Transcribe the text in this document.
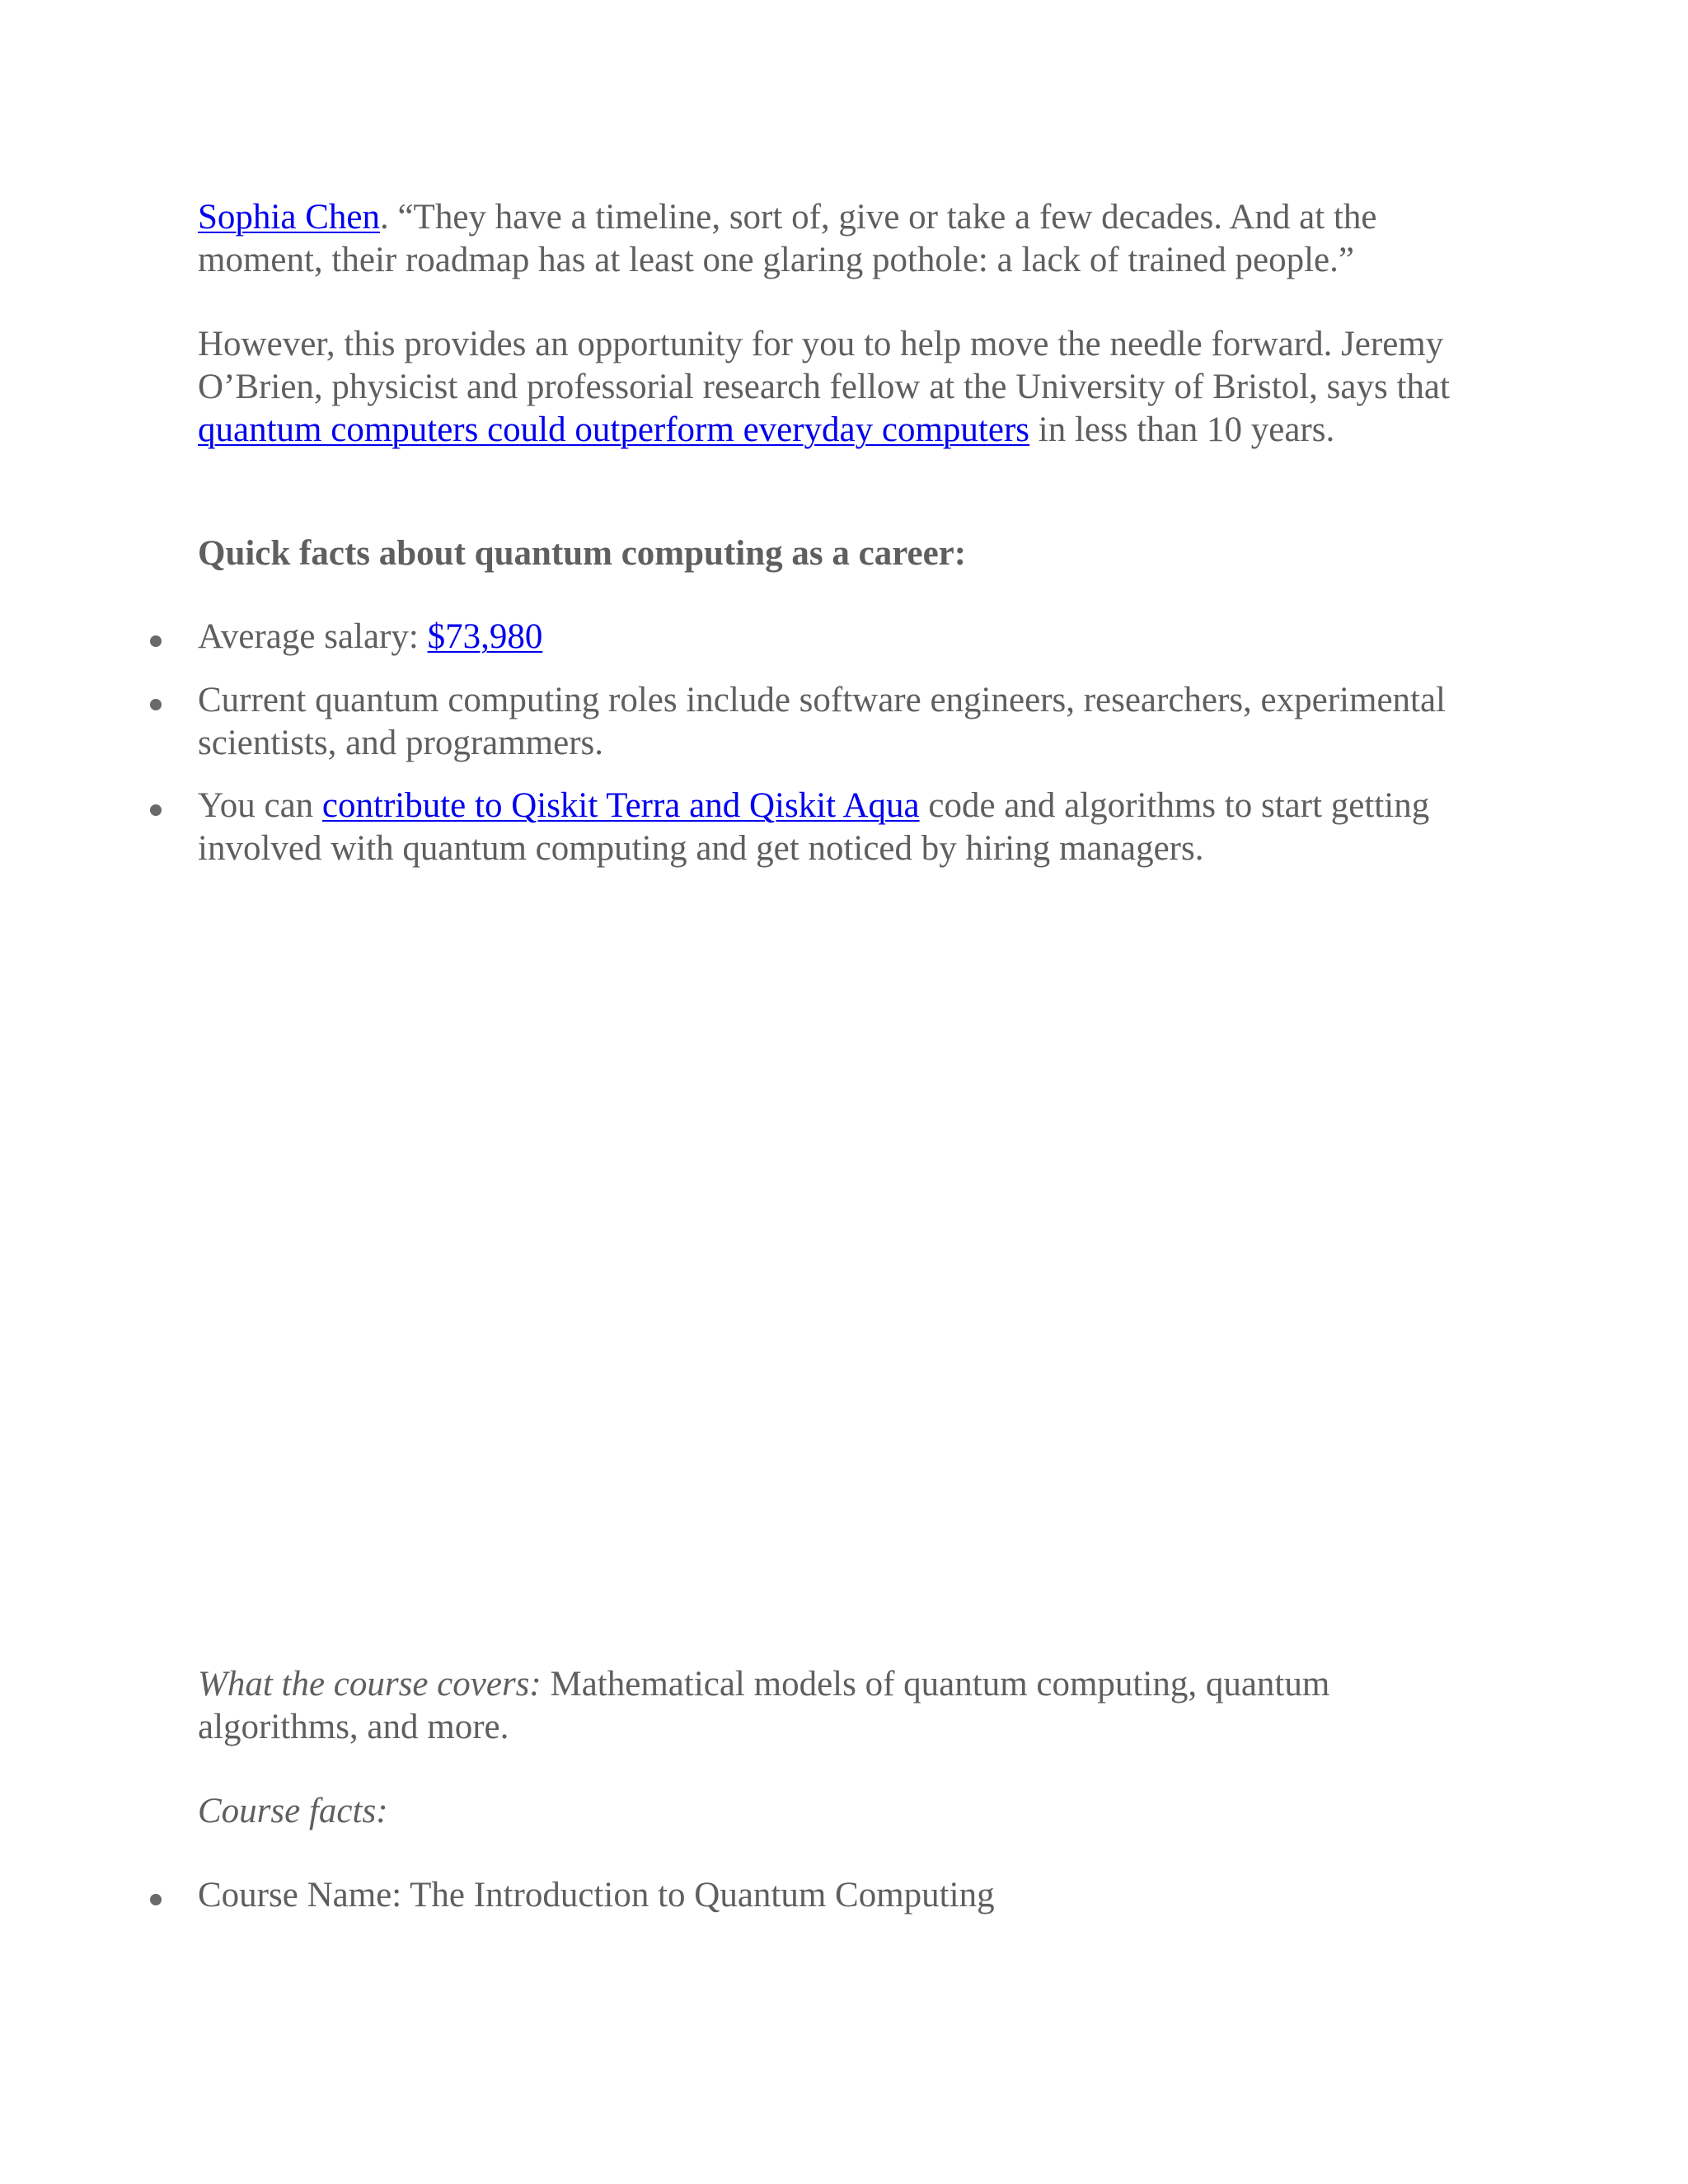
Sophia Chen. “They have a timeline, sort of, give or take a few decades. And at the moment, their roadmap has at least one glaring pothole: a lack of trained people.”

However, this provides an opportunity for you to help move the needle forward. Jeremy O’Brien, physicist and professorial research fellow at the University of Bristol, says that quantum computers could outperform everyday computers in less than 10 years.

Quick facts about quantum computing as a career:

Average salary: $73,980
Current quantum computing roles include software engineers, researchers, experimental scientists, and programmers.
You can contribute to Qiskit Terra and Qiskit Aqua code and algorithms to start getting involved with quantum computing and get noticed by hiring managers.

What the course covers: Mathematical models of quantum computing, quantum algorithms, and more.

Course facts:

Course Name: The Introduction to Quantum Computing
